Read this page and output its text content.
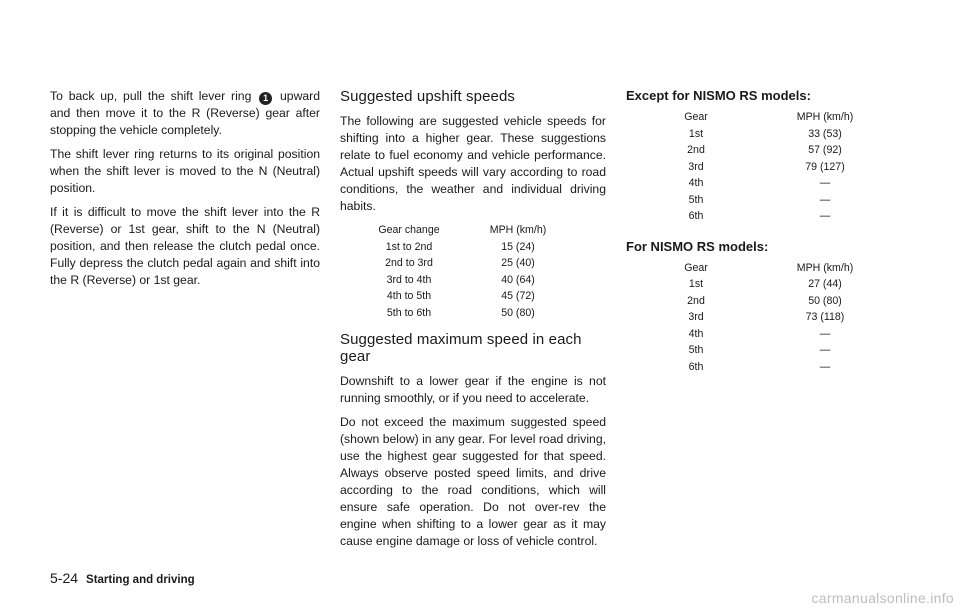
To back up, pull the shift lever ring 1 upward and then move it to the R (Reverse) gear after stopping the vehicle completely.

The shift lever ring returns to its original position when the shift lever is moved to the N (Neutral) position.

If it is difficult to move the shift lever into the R (Reverse) or 1st gear, shift to the N (Neutral) position, and then release the clutch pedal once. Fully depress the clutch pedal again and shift into the R (Reverse) or 1st gear.

Suggested upshift speeds

The following are suggested vehicle speeds for shifting into a higher gear. These suggestions relate to fuel economy and vehicle performance. Actual upshift speeds will vary according to road conditions, the weather and individual driving habits.

Gear change	MPH (km/h)
1st to 2nd	15 (24)
2nd to 3rd	25 (40)
3rd to 4th	40 (64)
4th to 5th	45 (72)
5th to 6th	50 (80)
Suggested maximum speed in each gear

Downshift to a lower gear if the engine is not running smoothly, or if you need to accelerate.

Do not exceed the maximum suggested speed (shown below) in any gear. For level road driving, use the highest gear suggested for that speed. Always observe posted speed limits, and drive according to the road conditions, which will ensure safe operation. Do not over-rev the engine when shifting to a lower gear as it may cause engine damage or loss of vehicle control.

Except for NISMO RS models:
Gear	MPH (km/h)
1st	33 (53)
2nd	57 (92)
3rd	79 (127)
4th	—
5th	—
6th	—
For NISMO RS models:
Gear	MPH (km/h)
1st	27 (44)
2nd	50 (80)
3rd	73 (118)
4th	—
5th	—
6th	—
5-24 Starting and driving
carmanualsonline.info
